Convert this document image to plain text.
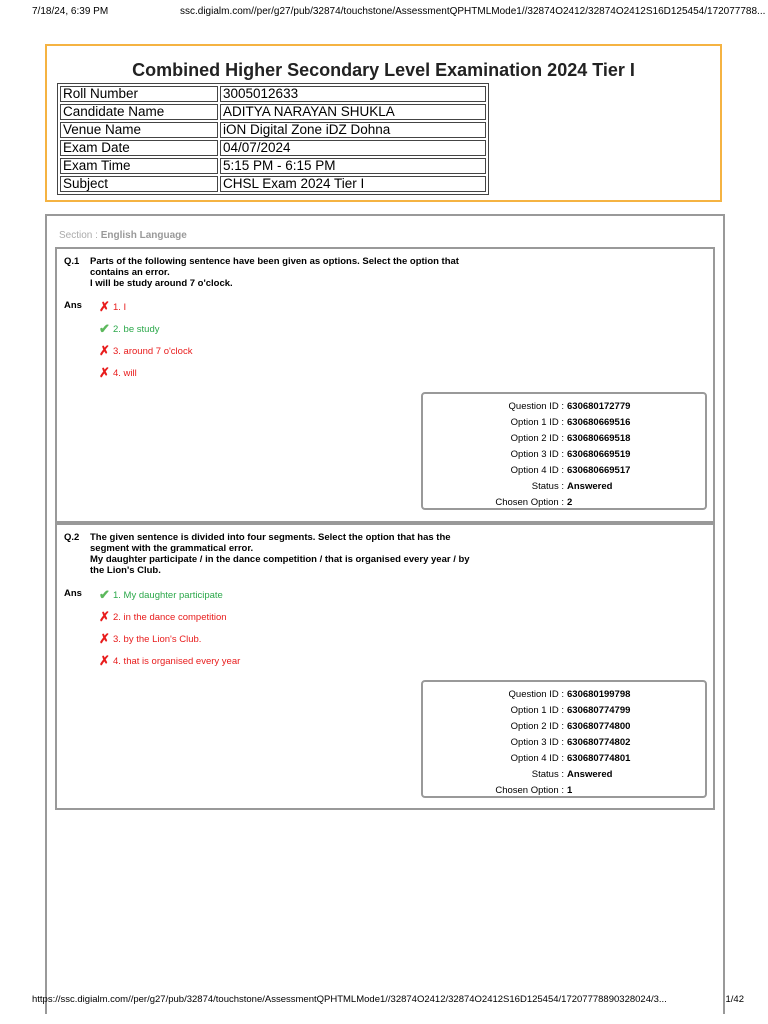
7/18/24, 6:39 PM	ssc.digialm.com//per/g27/pub/32874/touchstone/AssessmentQPHTMLMode1//32874O2412/32874O2412S16D125454/172077788...
Combined Higher Secondary Level Examination 2024 Tier I
Roll Number	3005012633
Candidate Name	ADITYA NARAYAN SHUKLA
Venue Name	iON Digital Zone iDZ Dohna
Exam Date	04/07/2024
Exam Time	5:15 PM - 6:15 PM
Subject	CHSL Exam 2024 Tier I
Section : English Language
Q.1 Parts of the following sentence have been given as options. Select the option that
contains an error.
I will be study around 7 o'clock.
Ans ✗ 1. I
✔ 2. be study
✗ 3. around 7 o'clock
✗ 4. will
Question ID : 630680172779
Option 1 ID : 630680669516
Option 2 ID : 630680669518
Option 3 ID : 630680669519
Option 4 ID : 630680669517
Status : Answered
Chosen Option : 2
Q.2 The given sentence is divided into four segments. Select the option that has the
segment with the grammatical error.
My daughter participate / in the dance competition / that is organised every year / by
the Lion's Club.
Ans ✔ 1. My daughter participate
✗ 2. in the dance competition
✗ 3. by the Lion's Club.
✗ 4. that is organised every year
Question ID : 630680199798
Option 1 ID : 630680774799
Option 2 ID : 630680774800
Option 3 ID : 630680774802
Option 4 ID : 630680774801
Status : Answered
Chosen Option : 1
https://ssc.digialm.com//per/g27/pub/32874/touchstone/AssessmentQPHTMLMode1//32874O2412/32874O2412S16D125454/17207778890328024/3...	1/42
